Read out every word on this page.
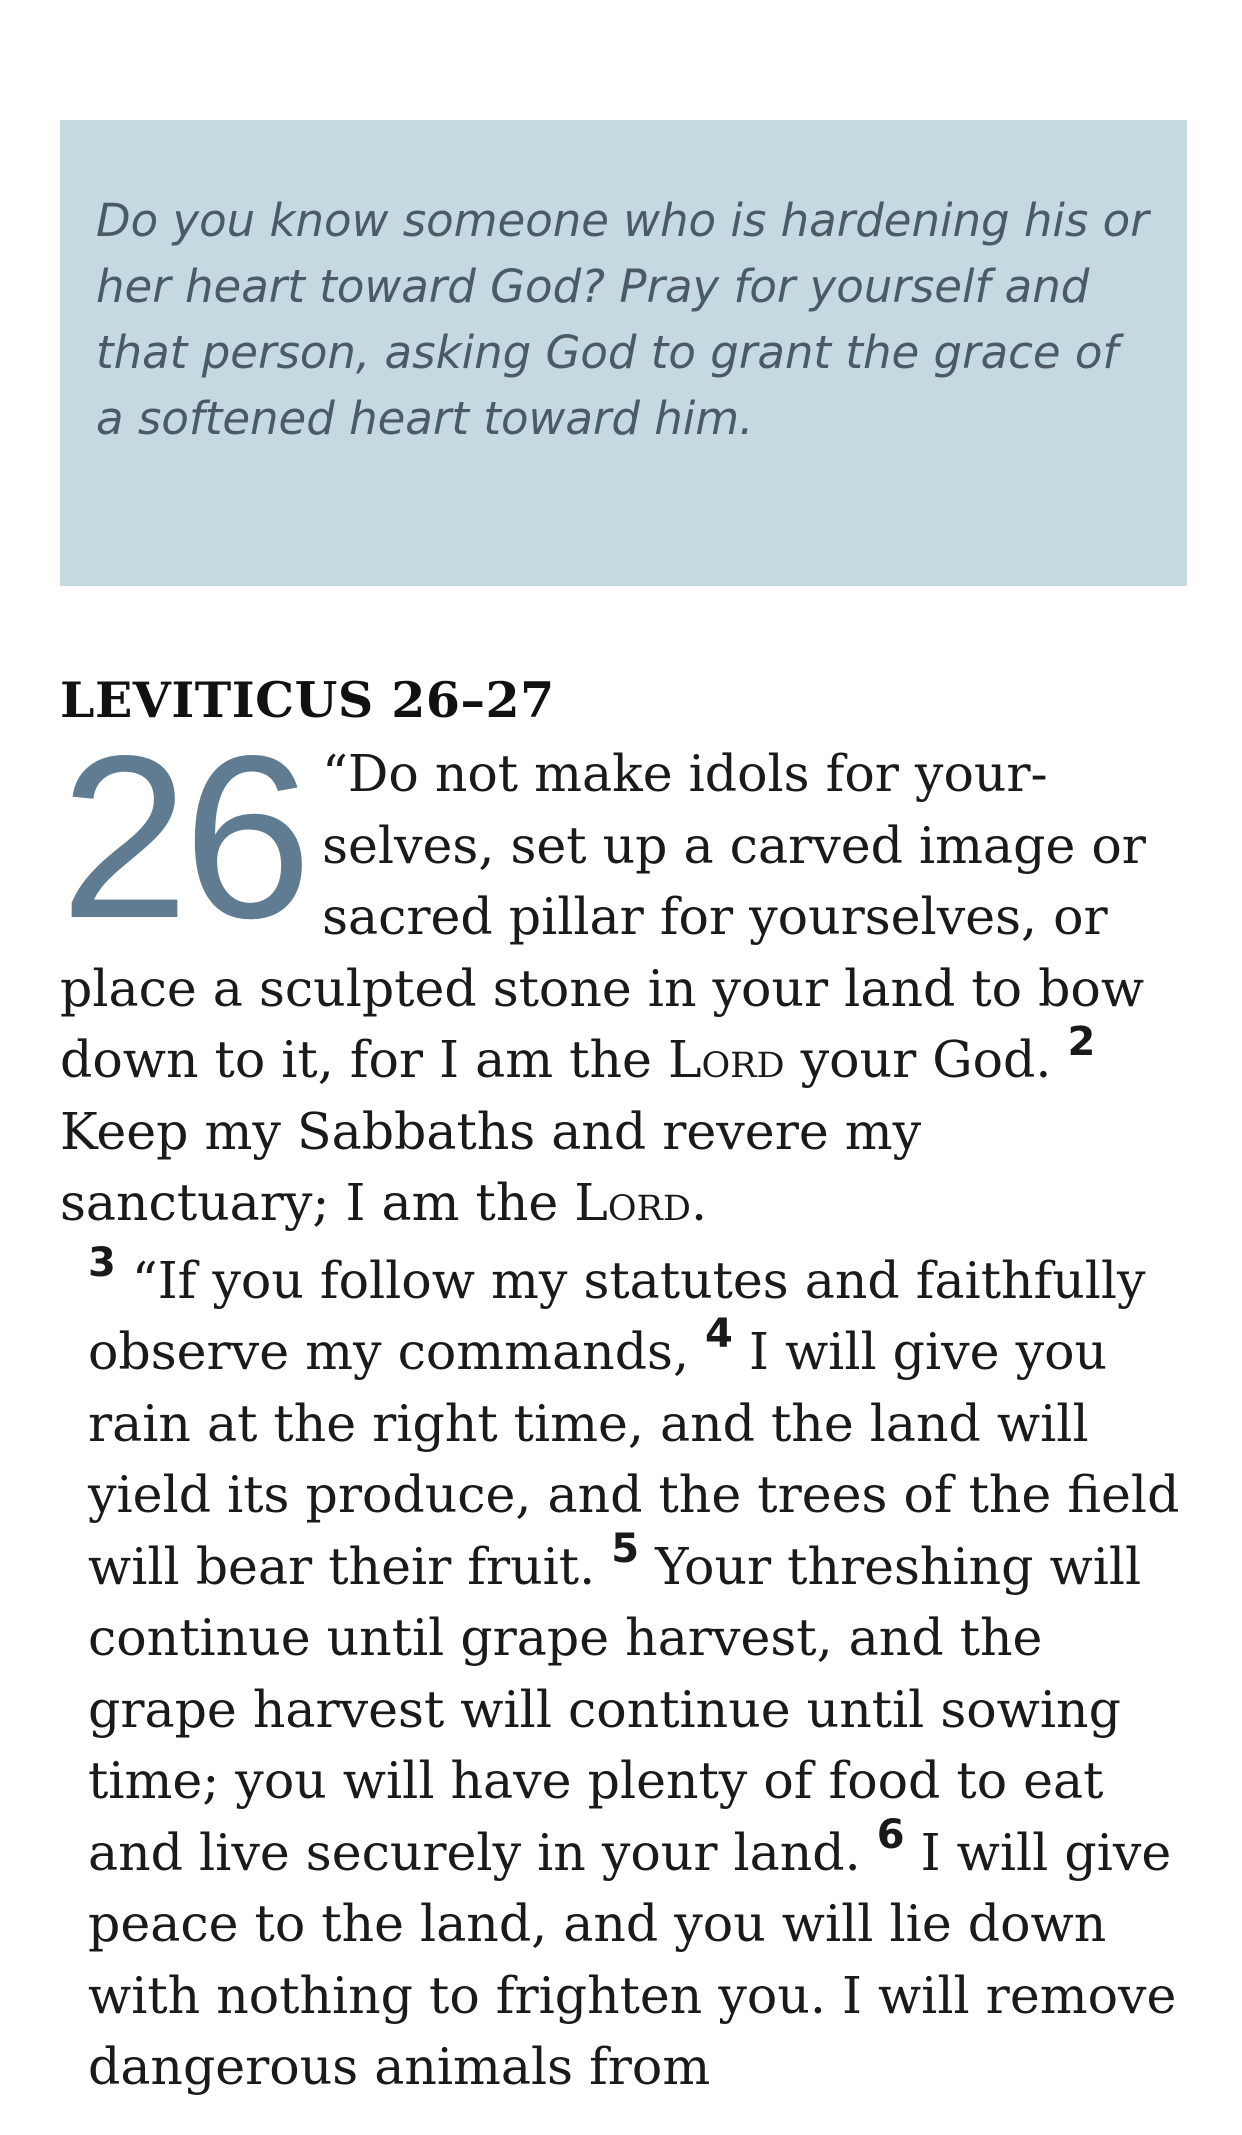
Do you know someone who is hardening his or her heart toward God? Pray for yourself and that person, asking God to grant the grace of a softened heart toward him.

LEVITICUS 26–27

26 “Do not make idols for yourselves, set up a carved image or sacred pillar for yourselves, or place a sculpted stone in your land to bow down to it, for I am the Lord your God. $^2$ Keep my Sabbaths and revere my sanctuary; I am the Lord.

$^3$ “If you follow my statutes and faithfully observe my commands, $^4$ I will give you rain at the right time, and the land will yield its produce, and the trees of the field will bear their fruit. $^5$ Your threshing will continue until grape harvest, and the grape harvest will continue until sowing time; you will have plenty of food to eat and live securely in your land. $^6$ I will give peace to the land, and you will lie down with nothing to frighten you. I will remove dangerous animals from
